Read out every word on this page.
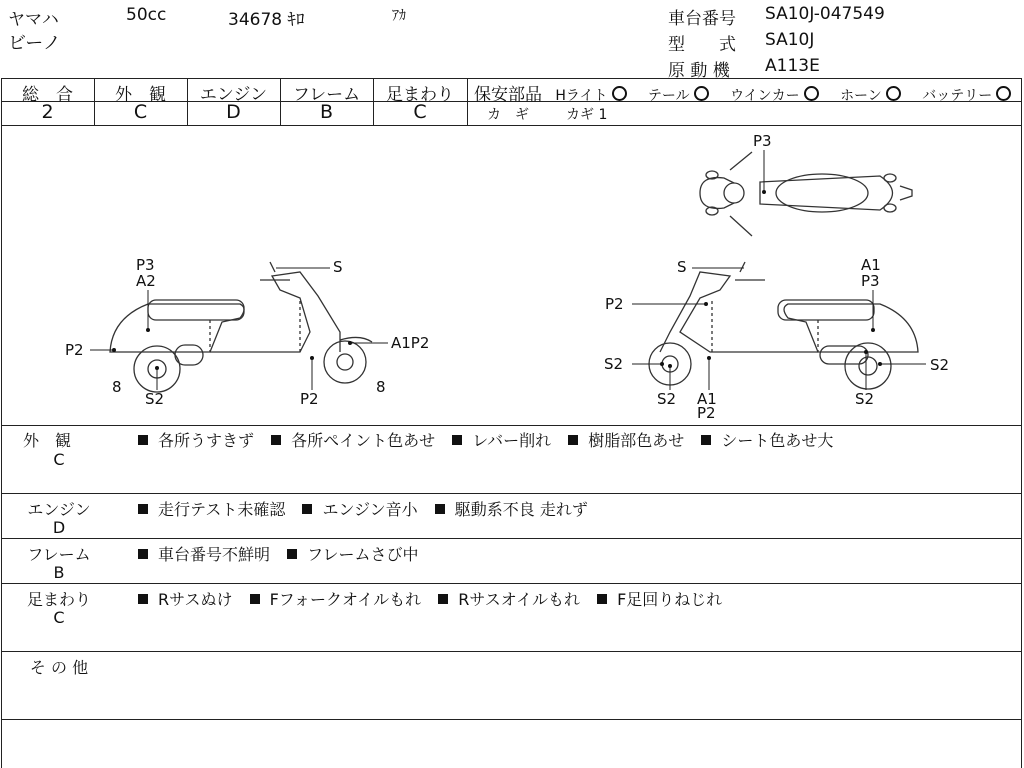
ヤマハ	50cc	34678 ｷﾛ	ｱｶ
ビーノ
車台番号 SA10J-047549
型　　式 SA10J
原 動 機 A113E
総　合	外　観	エンジン	フレーム	足まわり
2	C	D	B	C
保安部品 Hライト	テール	ウインカー	ホーン	バッテリー
カ　ギ	カギ 1
P3
A2
P2
8
S2
S
A1P2
P2
8
S	A1
P3
P2
S2
S2 A1
P2
S2
S2
P3
外　観
C
各所うすきず 各所ペイント色あせ レバー削れ 樹脂部色あせ シート色あせ大
エンジン
D
走行テスト未確認 エンジン音小 駆動系不良 走れず
フレーム
B
車台番号不鮮明 フレームさび中
足まわり
C
Rサスぬけ Fフォークオイルもれ Rサスオイルもれ F足回りねじれ
そ の 他
